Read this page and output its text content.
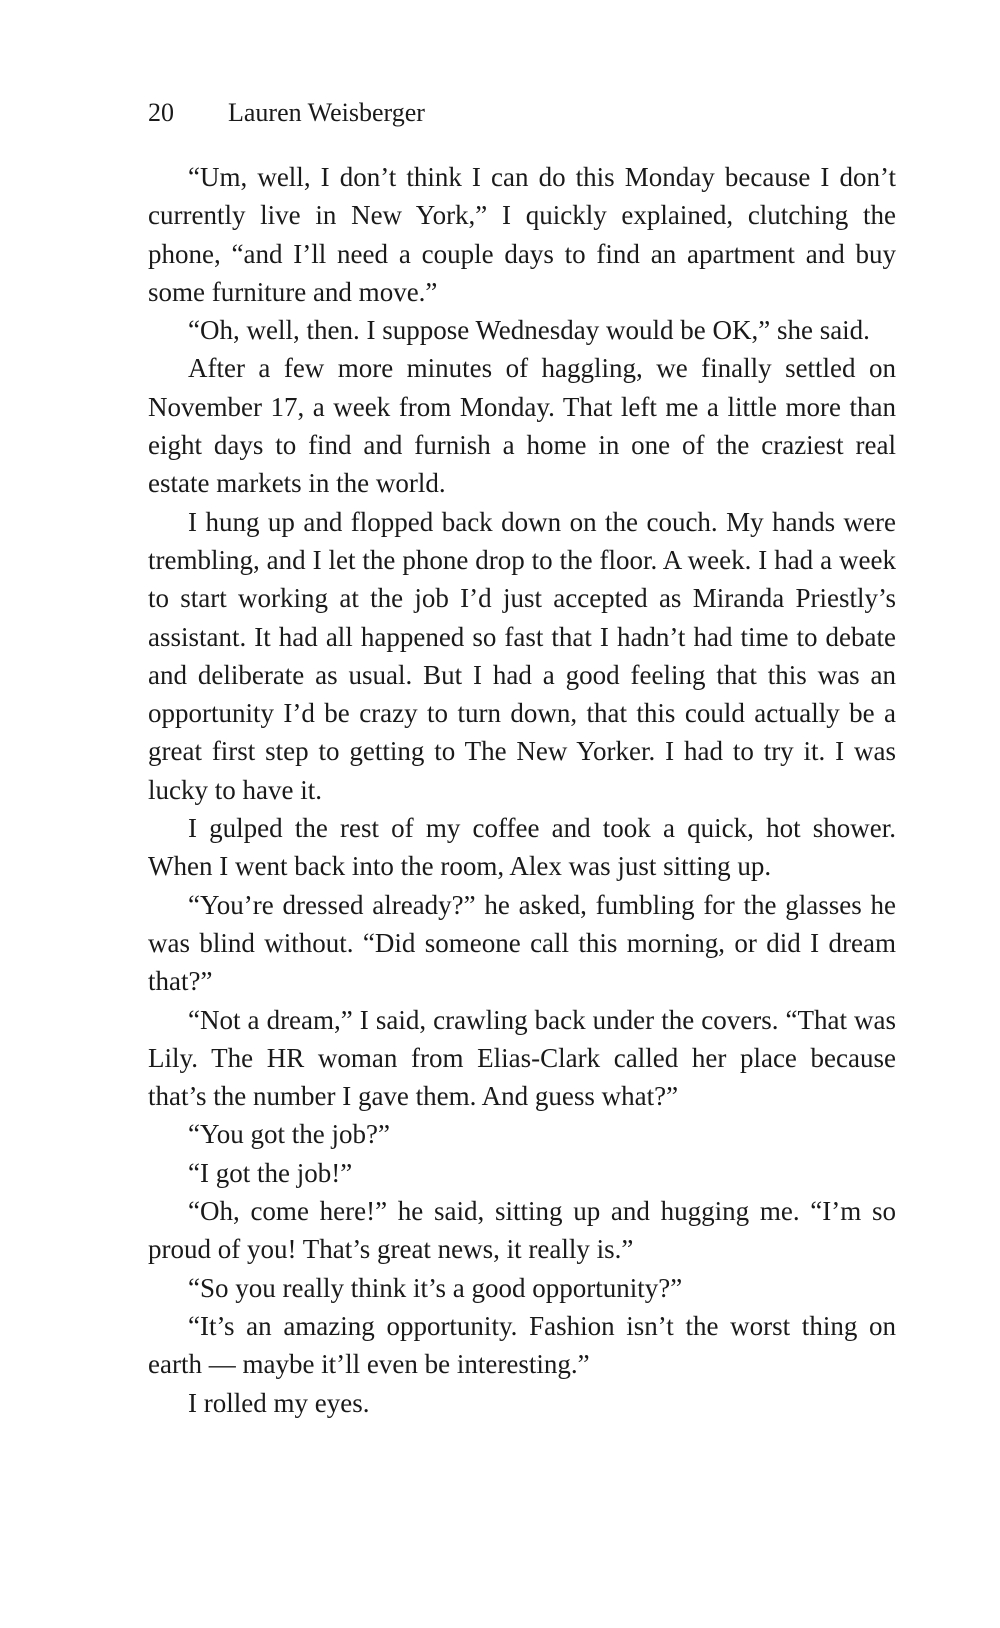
20 Lauren Weisberger

“Um, well, I don’t think I can do this Monday because I don’t currently live in New York,” I quickly explained, clutching the phone, “and I’ll need a couple days to find an apartment and buy some furniture and move.”

“Oh, well, then. I suppose Wednesday would be OK,” she said.

After a few more minutes of haggling, we finally settled on November 17, a week from Monday. That left me a little more than eight days to find and furnish a home in one of the craziest real estate markets in the world.

I hung up and flopped back down on the couch. My hands were trembling, and I let the phone drop to the floor. A week. I had a week to start working at the job I’d just accepted as Miranda Priestly’s assistant. It had all happened so fast that I hadn’t had time to debate and deliberate as usual. But I had a good feeling that this was an opportunity I’d be crazy to turn down, that this could actually be a great first step to getting to The New Yorker. I had to try it. I was lucky to have it.

I gulped the rest of my coffee and took a quick, hot shower. When I went back into the room, Alex was just sitting up.

“You’re dressed already?” he asked, fumbling for the glasses he was blind without. “Did someone call this morning, or did I dream that?”

“Not a dream,” I said, crawling back under the covers. “That was Lily. The HR woman from Elias-Clark called her place because that’s the number I gave them. And guess what?”

“You got the job?”

“I got the job!”

“Oh, come here!” he said, sitting up and hugging me. “I’m so proud of you! That’s great news, it really is.”

“So you really think it’s a good opportunity?”

“It’s an amazing opportunity. Fashion isn’t the worst thing on earth — maybe it’ll even be interesting.”

I rolled my eyes.
